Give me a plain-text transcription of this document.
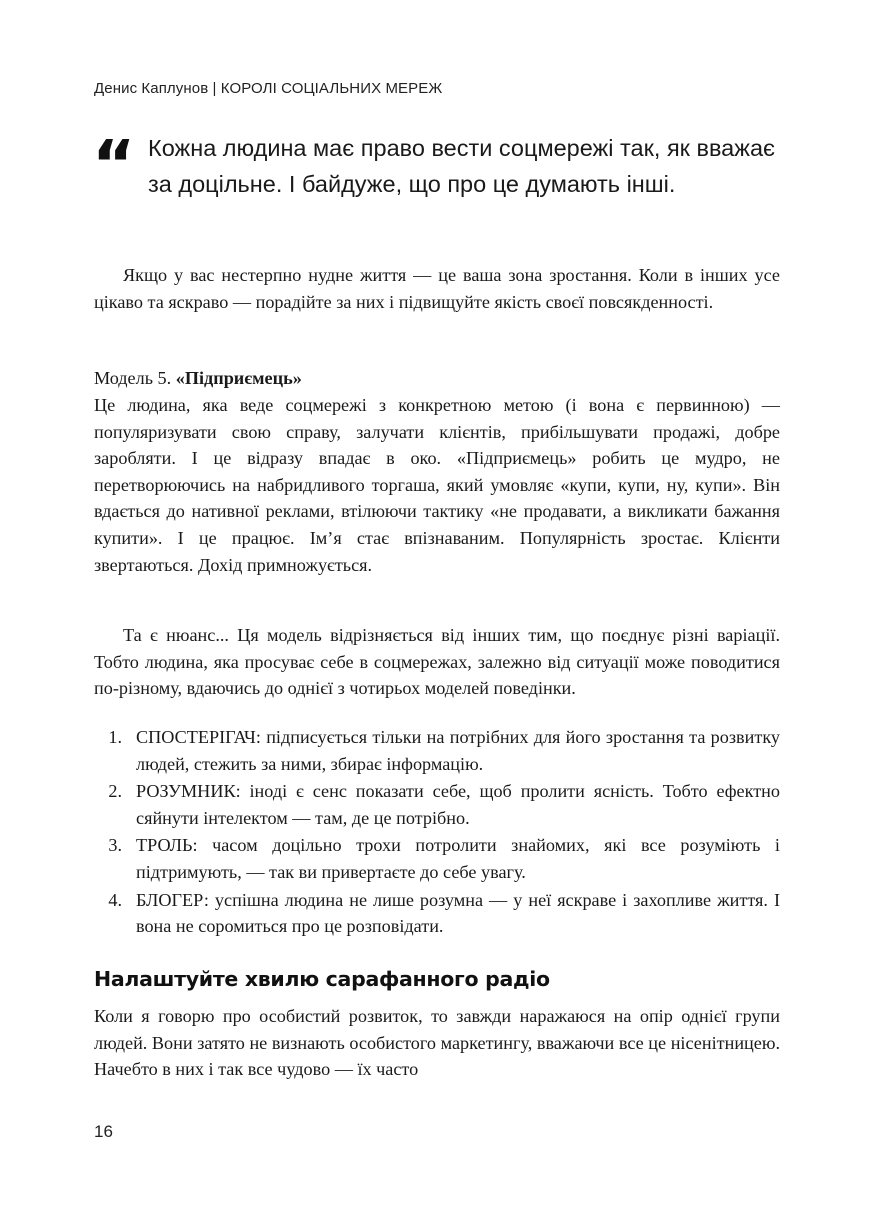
Денис Каплунов | КОРОЛІ СОЦІАЛЬНИХ МЕРЕЖ
“ Кожна людина має право вести соцмережі так, як вважає за доцільне. І байдуже, що про це думають інші.

Якщо у вас нестерпно нудне життя — це ваша зона зростання. Коли в інших усе цікаво та яскраво — порадійте за них і підвищуйте якість своєї повсякденності.

Модель 5. «Підприємець»

Це людина, яка веде соцмережі з конкретною метою (і вона є первинною) — популяризувати свою справу, залучати клієнтів, прибільшувати продажі, добре заробляти. І це відразу впадає в око. «Підприємець» робить це мудро, не перетворюючись на набридливого торгаша, який умовляє «купи, купи, ну, купи». Він вдається до нативної реклами, втілюючи тактику «не продавати, а викликати бажання купити». І це працює. Ім’я стає впізнаваним. Популярність зростає. Клієнти звертаються. Дохід примножується.

Та є нюанс... Ця модель відрізняється від інших тим, що поєднує різні варіації. Тобто людина, яка просуває себе в соцмережах, залежно від ситуації може поводитися по-різному, вдаючись до однієї з чотирьох моделей поведінки.

1. СПОСТЕРІГАЧ: підписується тільки на потрібних для його зростання та розвитку людей, стежить за ними, збирає інформацію.
2. РОЗУМНИК: іноді є сенс показати себе, щоб пролити ясність. Тобто ефектно сяйнути інтелектом — там, де це потрібно.
3. ТРОЛЬ: часом доцільно трохи потролити знайомих, які все розуміють і підтримують, — так ви привертаєте до себе увагу.
4. БЛОГЕР: успішна людина не лише розумна — у неї яскраве і захопливе життя. І вона не соромиться про це розповідати.
Налаштуйте хвилю сарафанного радіо

Коли я говорю про особистий розвиток, то завжди наражаюся на опір однієї групи людей. Вони затято не визнають особистого маркетингу, вважаючи все це нісенітницею. Начебто в них і так все чудово — їх часто

16
